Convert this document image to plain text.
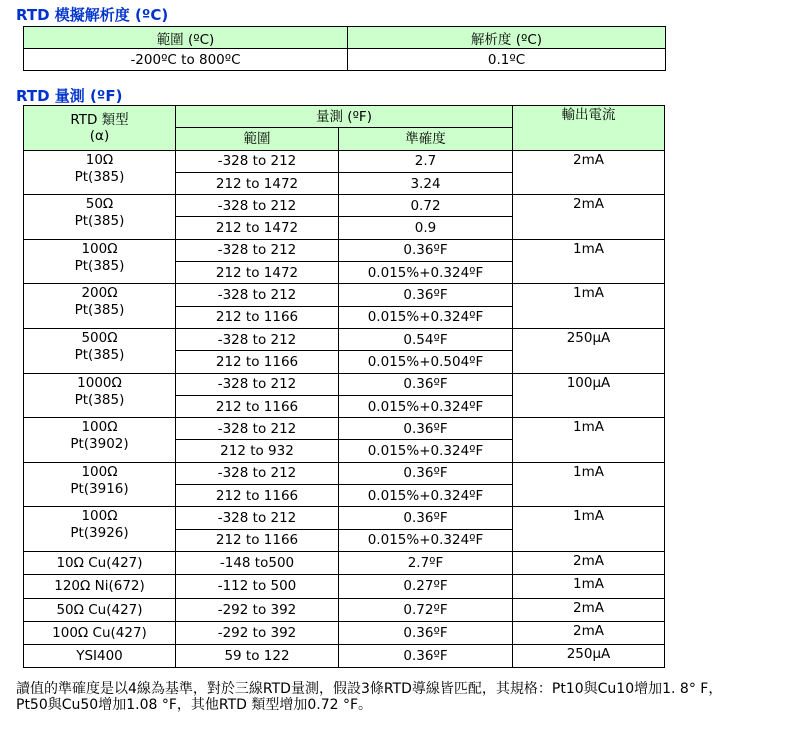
RTD 模擬解析度 (ºC)
範圍 (ºC)	解析度 (ºC)
-200ºC to 800ºC	0.1ºC
RTD 量測 (ºF)
RTD 類型
(α)	量測 (ºF)		輸出電流
	範圍	準確度	

10Ω
Pt(385)	-328 to 212	2.7	2mA
	212 to 1472	3.24	

50Ω
Pt(385)	-328 to 212	0.72	2mA
	212 to 1472	0.9	

100Ω
Pt(385)	-328 to 212	0.36ºF	1mA
	212 to 1472	0.015%+0.324ºF	

200Ω
Pt(385)	-328 to 212	0.36ºF	1mA
	212 to 1166	0.015%+0.324ºF	

500Ω
Pt(385)	-328 to 212	0.54ºF	250μA
	212 to 1166	0.015%+0.504ºF	

1000Ω
Pt(385)	-328 to 212	0.36ºF	100μA
	212 to 1166	0.015%+0.324ºF	

100Ω
Pt(3902)	-328 to 212	0.36ºF	1mA
	212 to 932	0.015%+0.324ºF	

100Ω
Pt(3916)	-328 to 212	0.36ºF	1mA
	212 to 1166	0.015%+0.324ºF	

100Ω
Pt(3926)	-328 to 212	0.36ºF	1mA
	212 to 1166	0.015%+0.324ºF	
10Ω Cu(427)	-148 to500	2.7ºF	2mA
120Ω Ni(672)	-112 to 500	0.27ºF	1mA
50Ω Cu(427)	-292 to 392	0.72ºF	2mA
100Ω Cu(427)	-292 to 392	0.36ºF	2mA
YSI400	59 to 122	0.36ºF	250μA
讀值的準確度是以4線為基準，對於三線RTD量測，假設3條RTD導線皆匹配，其規格：Pt10與Cu10增加1. 8° F，
Pt50與Cu50增加1.08 °F，其他RTD 類型增加0.72 °F。
